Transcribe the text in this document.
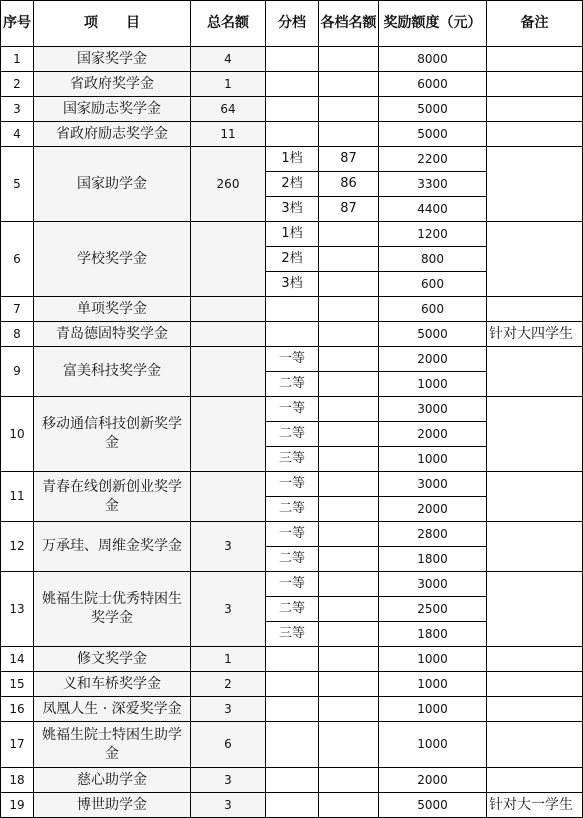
序号	项　　目	总名额	分档	各档名额	奖励额度（元）	备注
1	国家奖学金	4			8000	
2	省政府奖学金	1			6000	
3	国家励志奖学金	64			5000	
4	省政府励志奖学金	11			5000	
5	国家助学金	260	1档	87	2200	
			2档	86	3300	
			3档	87	4400	
6	学校奖学金		1档		1200	
			2档		800	
			3档		600	
7	单项奖学金				600	
8	青岛德固特奖学金				5000	针对大四学生
9	富美科技奖学金		一等		2000	
			二等		1000	
10	移动通信科技创新奖学金		一等		3000	
			二等		2000	
			三等		1000	
11	青春在线创新创业奖学金		一等		3000	
			二等		2000	
12	万承珪、周维金奖学金	3	一等		2800	
			二等		1800	
13	姚福生院士优秀特困生奖学金	3	一等		3000	
			二等		2500	
			三等		1800	
14	修文奖学金	1			1000	
15	义和车桥奖学金	2			1000	
16	凤凰人生 · 深爱奖学金	3			1000	
17	姚福生院士特困生助学金	6			1000	
18	慈心助学金	3			2000	
19	博世助学金	3			5000	针对大一学生
